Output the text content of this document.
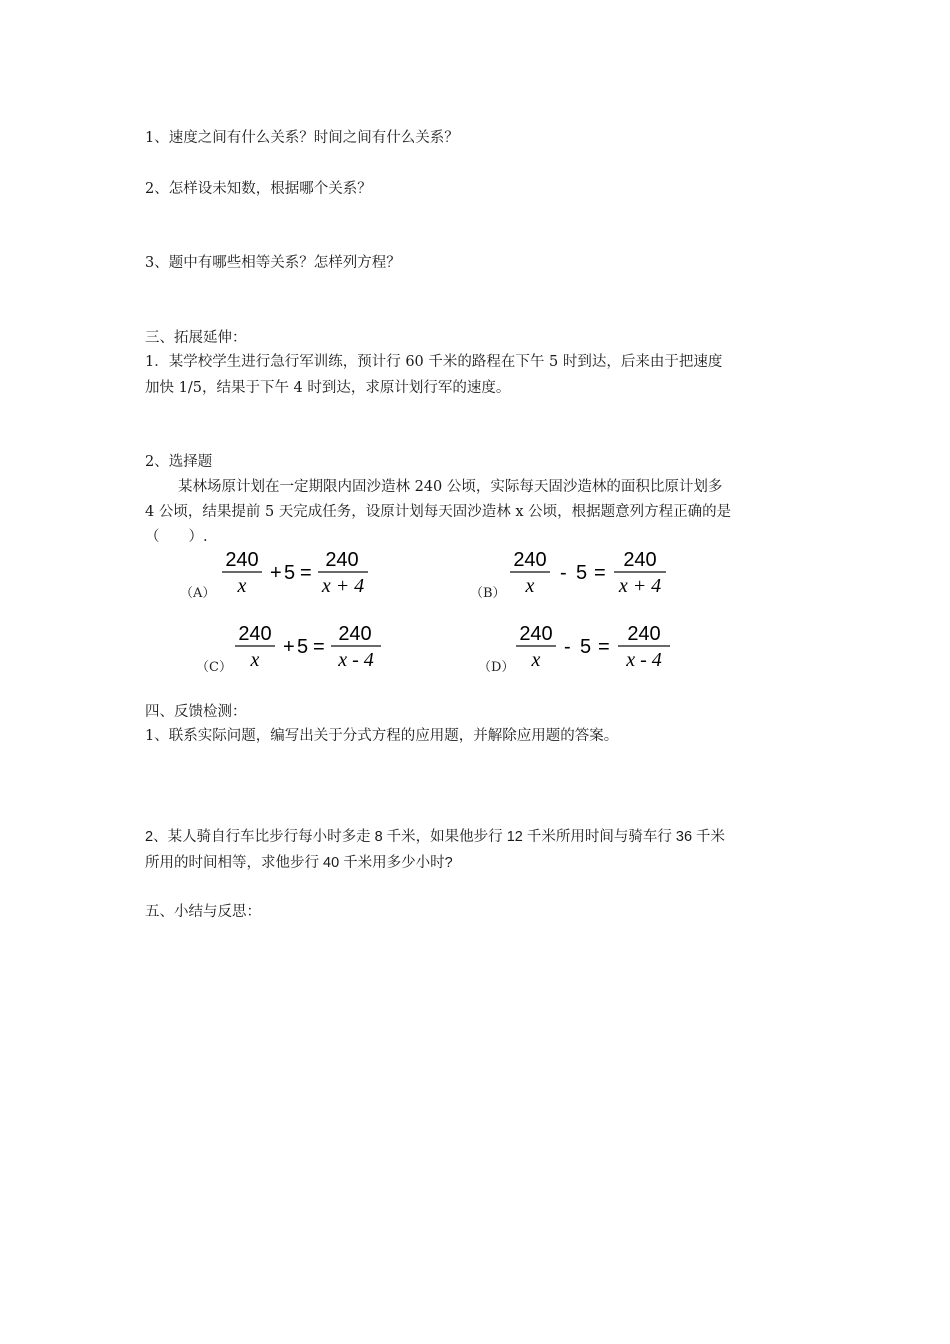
1、速度之间有什么关系？时间之间有什么关系？
2、怎样设未知数，根据哪个关系？
3、题中有哪些相等关系？怎样列方程？
三、拓展延伸：
1．某学校学生进行急行军训练，预计行 60 千米的路程在下午 5 时到达，后来由于把速度
加快 1/5，结果于下午 4 时到达，求原计划行军的速度。
2、选择题
某林场原计划在一定期限内固沙造林 240 公顷，实际每天固沙造林的面积比原计划多
4 公顷，结果提前 5 天完成任务，设原计划每天固沙造林 x 公顷，根据题意列方程正确的是
（　　）.
（A）
240
x
+ 5 =
240
x + 4	（B）
240
x
- 5 =
240
x + 4
（C）
240
x
+ 5 =
240
x - 4	（D）
240
x
- 5 =
240
x - 4
四、反馈检测：
1、联系实际问题，编写出关于分式方程的应用题，并解除应用题的答案。
2、某人骑自行车比步行每小时多走 8 千米，如果他步行 12 千米所用时间与骑车行 36 千米
所用的时间相等，求他步行 40 千米用多少小时?
五、小结与反思：
